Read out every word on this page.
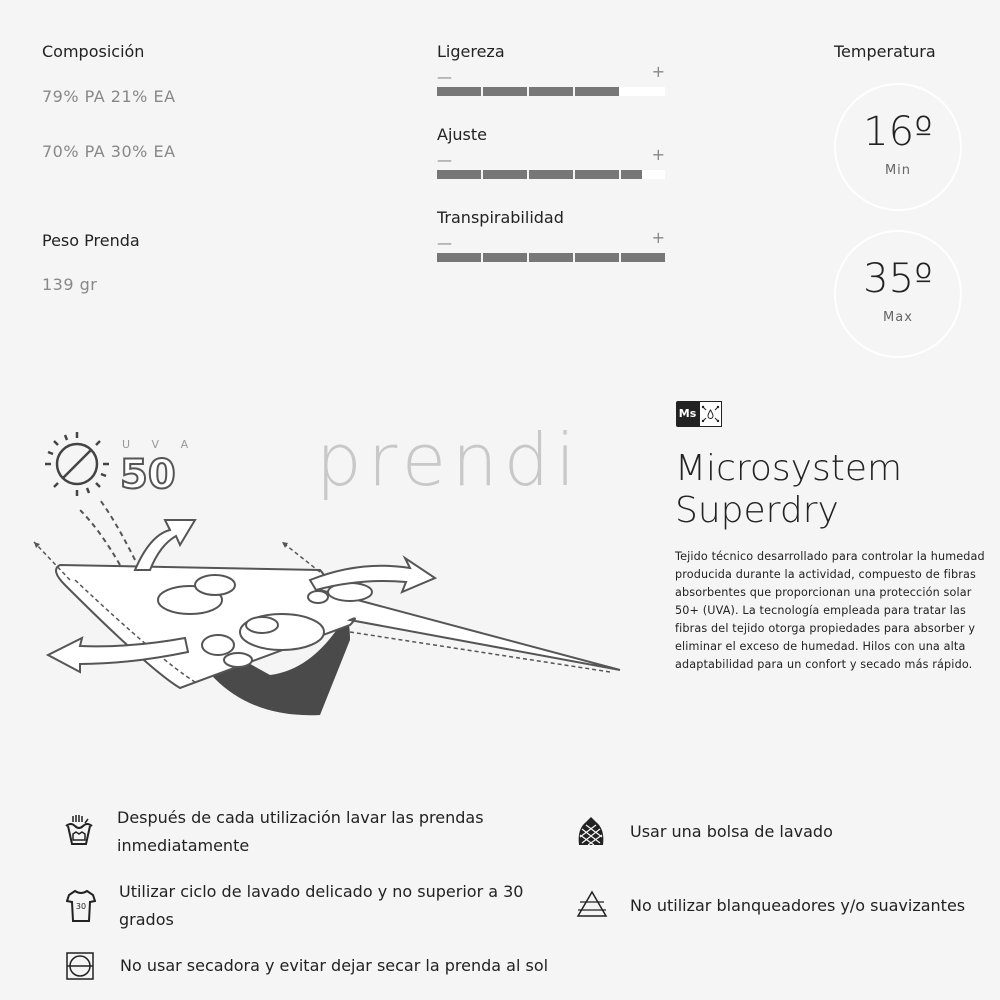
Composición
79% PA 21% EA
70% PA 30% EA
Peso Prenda
139 gr
Ligereza
—	+
Ajuste
—	+
Transpirabilidad
—	+
Temperatura
16º
Min
35º
Max
U V A
50 prendi
Ms
Microsystem
Superdry
Tejido técnico desarrollado para controlar la humedad producida durante la actividad, compuesto de fibras absorbentes que proporcionan una protección solar 50+ (UVA). La tecnología empleada para tratar las fibras del tejido otorga propiedades para absorber y eliminar el exceso de humedad. Hilos con una alta adaptabilidad para un confort y secado más rápido.
Después de cada utilización lavar las prendas inmediatamente
Usar una bolsa de lavado
30
Utilizar ciclo de lavado delicado y no superior a 30 grados
No utilizar blanqueadores y/o suavizantes
No usar secadora y evitar dejar secar la prenda al sol
